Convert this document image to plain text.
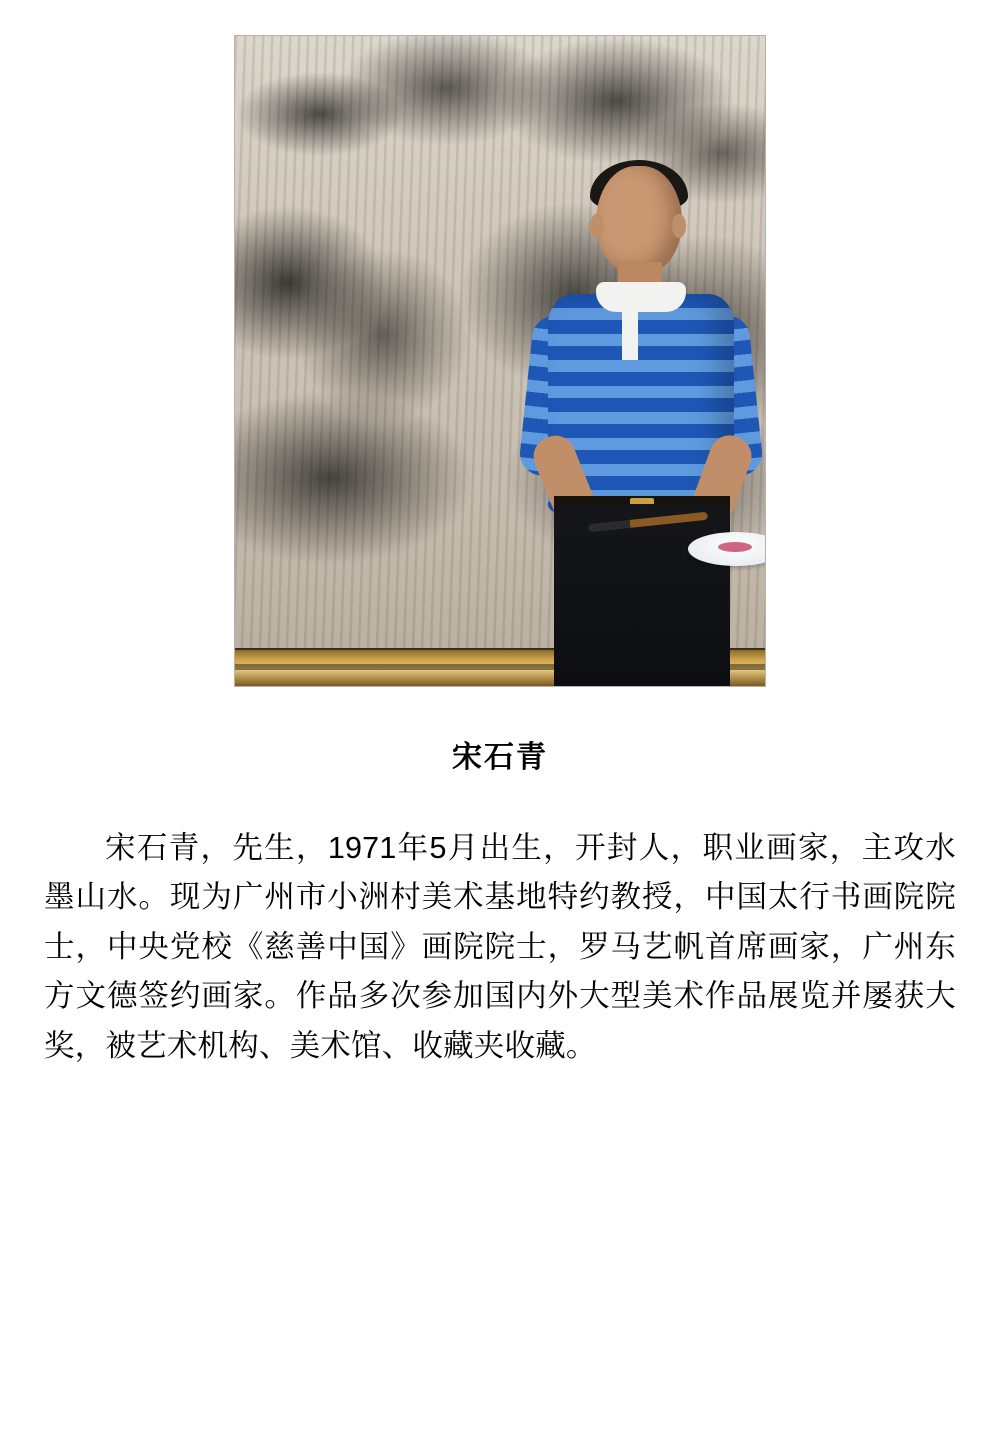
宋石青
宋石青，先生，1971年5月出生，开封人，职业画家，主攻水墨山水。现为广州市小洲村美术基地特约教授，中国太行书画院院士，中央党校《慈善中国》画院院士，罗马艺帆首席画家，广州东方文德签约画家。作品多次参加国内外大型美术作品展览并屡获大奖，被艺术机构、美术馆、收藏夹收藏。
